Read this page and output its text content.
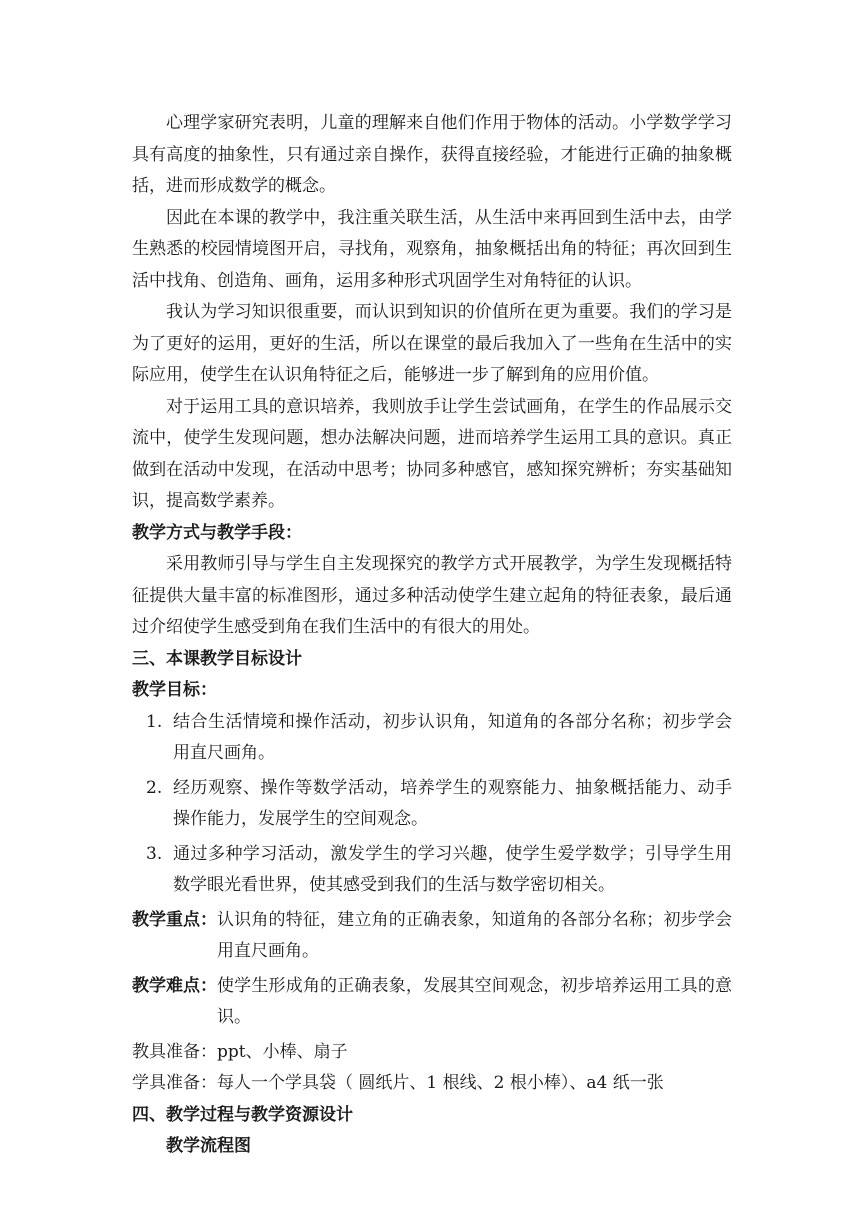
心理学家研究表明，儿童的理解来自他们作用于物体的活动。小学数学学习具有高度的抽象性，只有通过亲自操作，获得直接经验，才能进行正确的抽象概括，进而形成数学的概念。

因此在本课的教学中，我注重关联生活，从生活中来再回到生活中去，由学生熟悉的校园情境图开启，寻找角，观察角，抽象概括出角的特征；再次回到生活中找角、创造角、画角，运用多种形式巩固学生对角特征的认识。

我认为学习知识很重要，而认识到知识的价值所在更为重要。我们的学习是为了更好的运用，更好的生活，所以在课堂的最后我加入了一些角在生活中的实际应用，使学生在认识角特征之后，能够进一步了解到角的应用价值。

对于运用工具的意识培养，我则放手让学生尝试画角，在学生的作品展示交流中，使学生发现问题，想办法解决问题，进而培养学生运用工具的意识。真正做到在活动中发现，在活动中思考；协同多种感官，感知探究辨析；夯实基础知识，提高数学素养。

教学方式与教学手段：

采用教师引导与学生自主发现探究的教学方式开展教学，为学生发现概括特征提供大量丰富的标准图形，通过多种活动使学生建立起角的特征表象，最后通过介绍使学生感受到角在我们生活中的有很大的用处。

三、本课教学目标设计
教学目标：
1. 结合生活情境和操作活动，初步认识角，知道角的各部分名称；初步学会用直尺画角。
2. 经历观察、操作等数学活动，培养学生的观察能力、抽象概括能力、动手操作能力，发展学生的空间观念。
3. 通过多种学习活动，激发学生的学习兴趣，使学生爱学数学；引导学生用数学眼光看世界，使其感受到我们的生活与数学密切相关。
教学重点： 认识角的特征，建立角的正确表象，知道角的各部分名称；初步学会用直尺画角。
教学难点： 使学生形成角的正确表象，发展其空间观念，初步培养运用工具的意识。
教具准备：ppt、小棒、扇子
学具准备：每人一个学具袋（ 圆纸片、1 根线、2 根小棒）、a4 纸一张
四、教学过程与教学资源设计
教学流程图
